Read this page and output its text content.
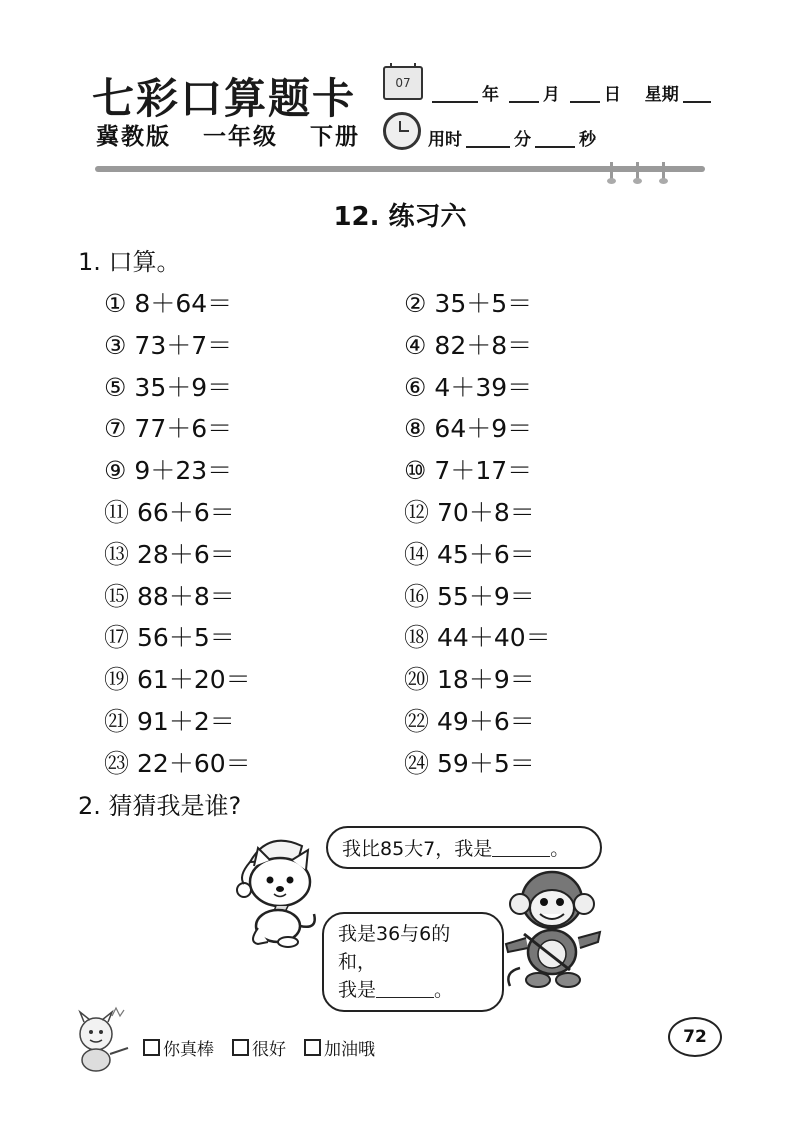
七彩口算题卡
冀教版 一年级 下册
07
年	月	日 星期
用时	分	秒
12. 练习六
1. 口算。
① 8＋64＝	② 35＋5＝
③ 73＋7＝	④ 82＋8＝
⑤ 35＋9＝	⑥ 4＋39＝
⑦ 77＋6＝	⑧ 64＋9＝
⑨ 9＋23＝	⑩ 7＋17＝
⑪ 66＋6＝	⑫ 70＋8＝
⑬ 28＋6＝	⑭ 45＋6＝
⑮ 88＋8＝	⑯ 55＋9＝
⑰ 56＋5＝	⑱ 44＋40＝
⑲ 61＋20＝	⑳ 18＋9＝
㉑ 91＋2＝	㉒ 49＋6＝
㉓ 22＋60＝	㉔ 59＋5＝
2. 猜猜我是谁?
我比85大7，我是	。
我是36与6的和，
我是	。
你真棒	很好	加油哦
72
